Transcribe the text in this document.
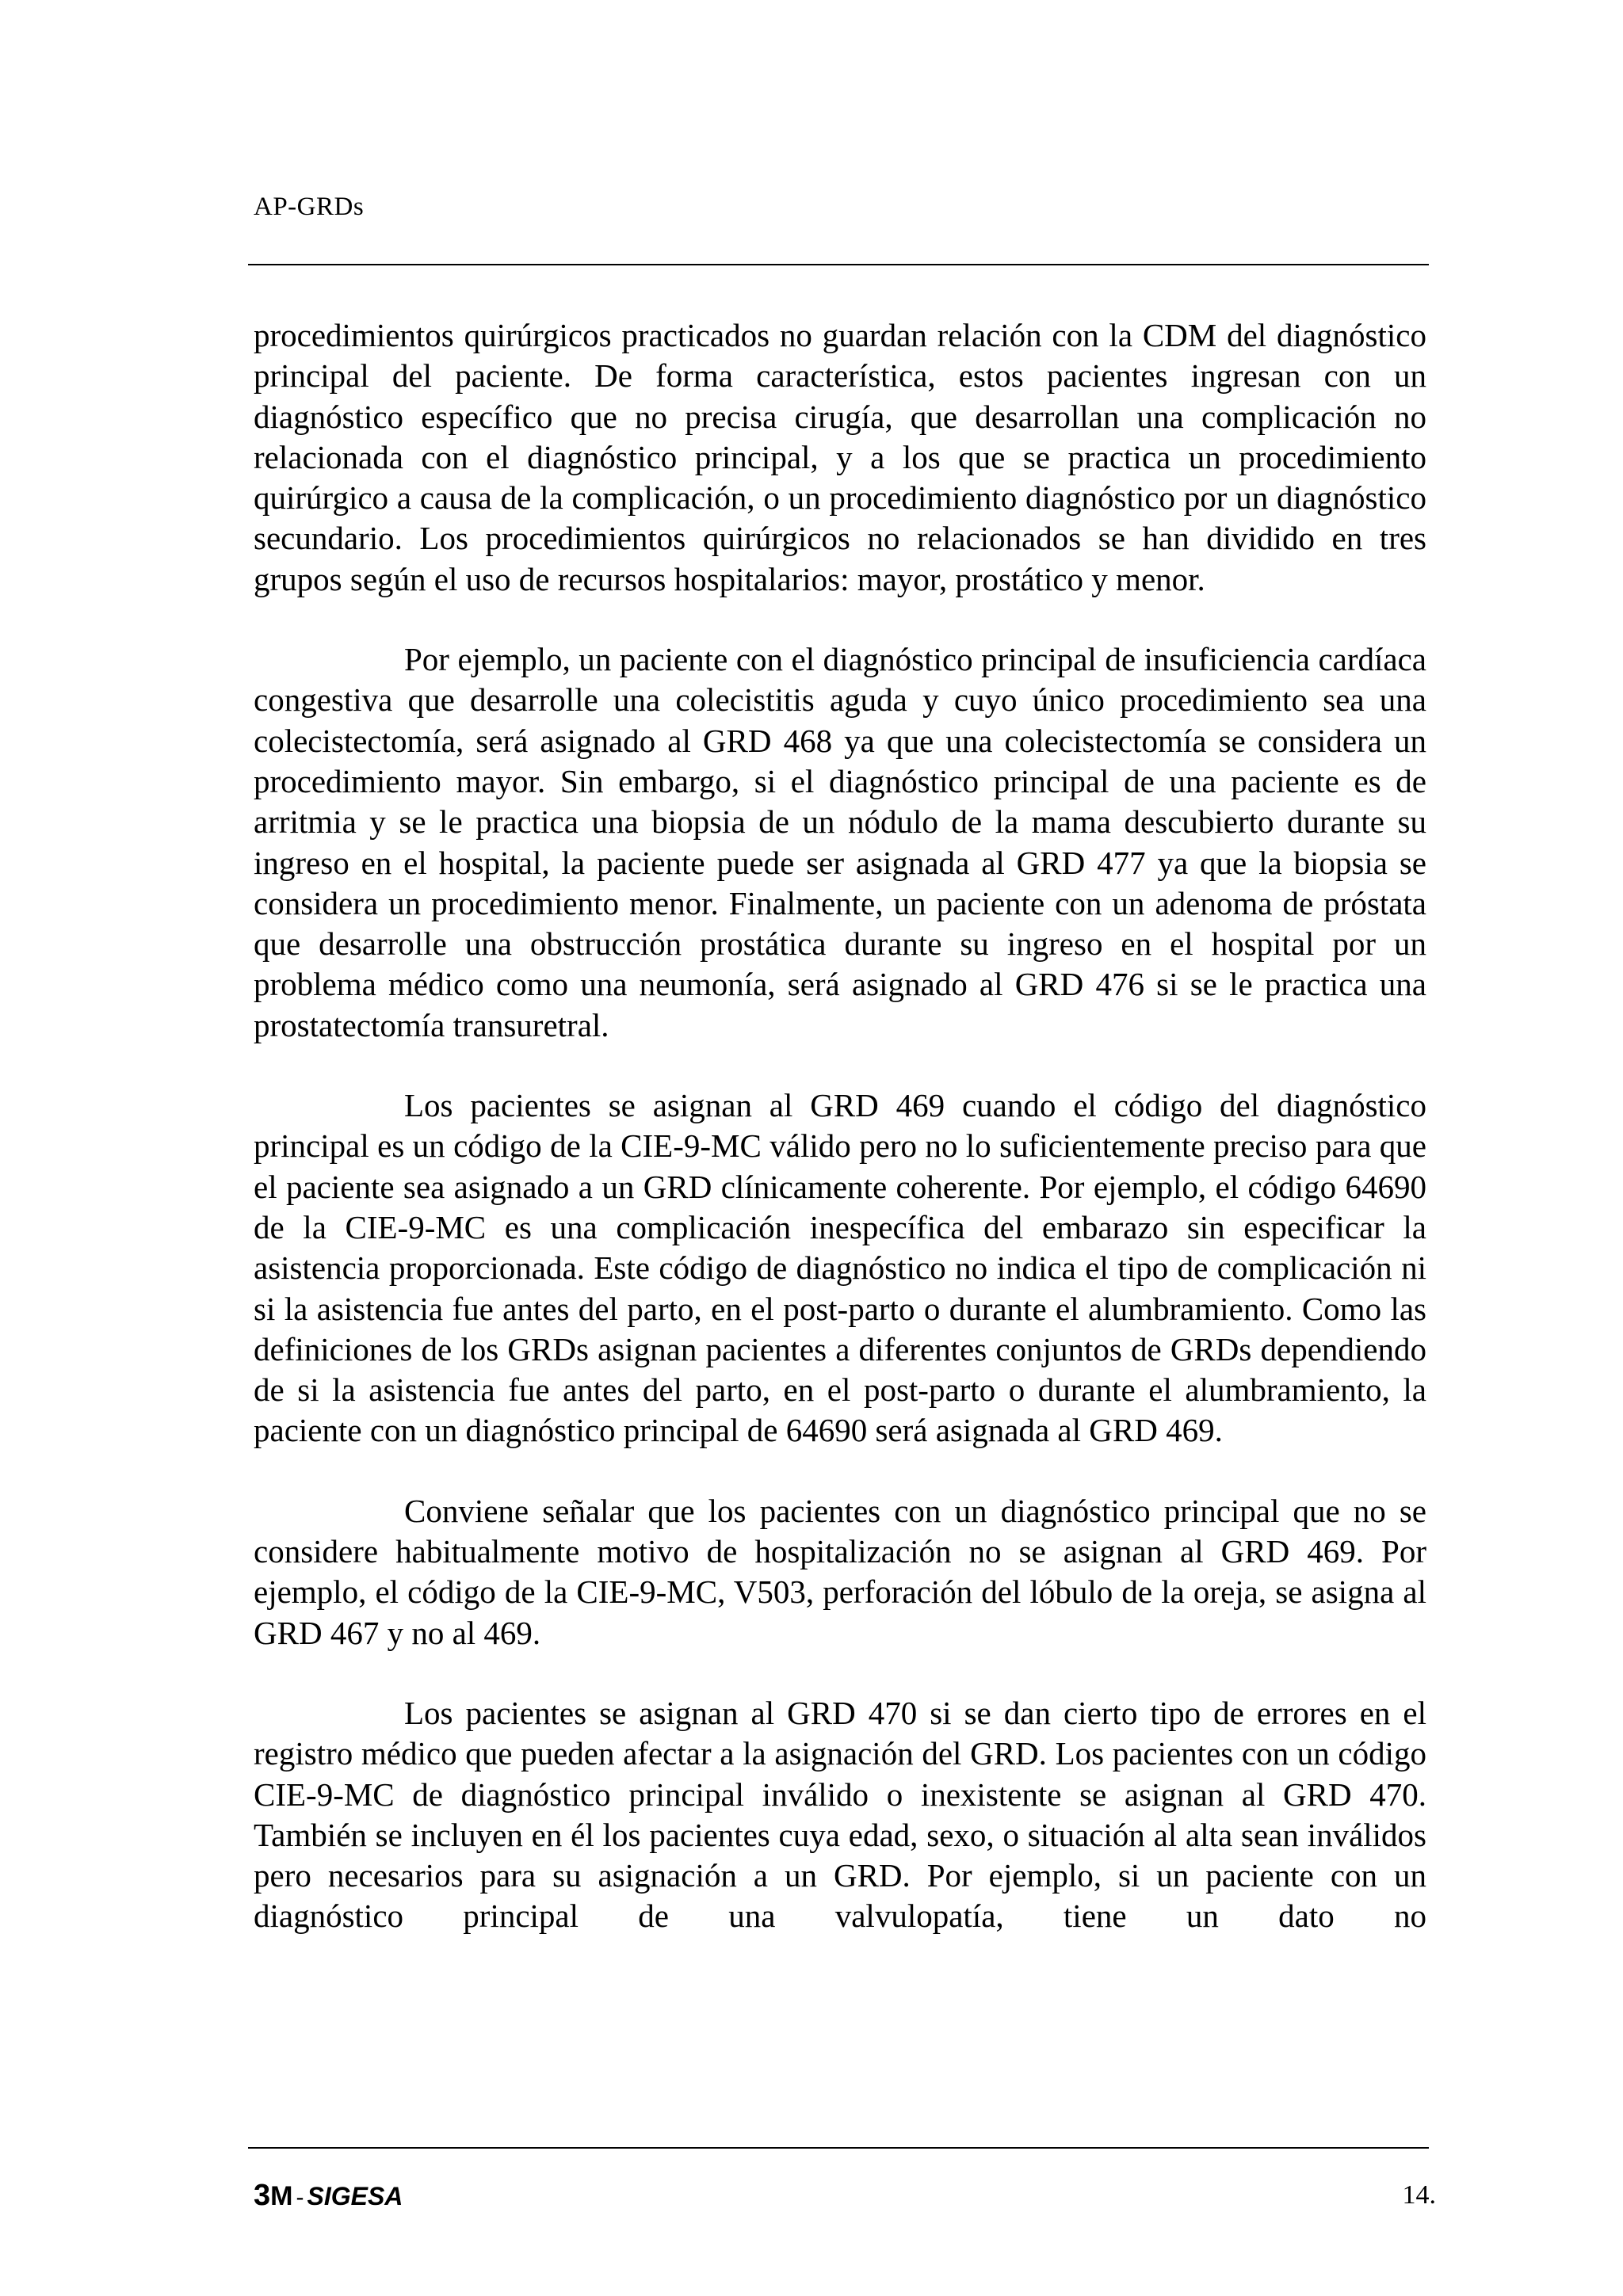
AP-GRDs

procedimientos quirúrgicos practicados no guardan relación con la CDM del diagnóstico principal del paciente. De forma característica, estos pacientes ingresan con un diagnóstico específico que no precisa cirugía, que desarrollan una complicación no relacionada con el diagnóstico principal, y a los que se practica un procedimiento quirúrgico a causa de la complicación, o un procedimiento diagnóstico por un diagnóstico secundario. Los procedimientos quirúrgicos no relacionados se han dividido en tres grupos según el uso de recursos hospitalarios: mayor, prostático y menor.

Por ejemplo, un paciente con el diagnóstico principal de insuficiencia cardíaca congestiva que desarrolle una colecistitis aguda y cuyo único procedimiento sea una colecistectomía, será asignado al GRD 468 ya que una colecistectomía se considera un procedimiento mayor. Sin embargo, si el diagnóstico principal de una paciente es de arritmia y se le practica una biopsia de un nódulo de la mama descubierto durante su ingreso en el hospital, la paciente puede ser asignada al GRD 477 ya que la biopsia se considera un procedimiento menor. Finalmente, un paciente con un adenoma de próstata que desarrolle una obstrucción prostática durante su ingreso en el hospital por un problema médico como una neumonía, será asignado al GRD 476 si se le practica una prostatectomía transuretral.

Los pacientes se asignan al GRD 469 cuando el código del diagnóstico principal es un código de la CIE-9-MC válido pero no lo suficientemente preciso para que el paciente sea asignado a un GRD clínicamente coherente. Por ejemplo, el código 64690 de la CIE-9-MC es una complicación inespecífica del embarazo sin especificar la asistencia proporcionada. Este código de diagnóstico no indica el tipo de complicación ni si la asistencia fue antes del parto, en el post-parto o durante el alumbramiento. Como las definiciones de los GRDs asignan pacientes a diferentes conjuntos de GRDs dependiendo de si la asistencia fue antes del parto, en el post-parto o durante el alumbramiento, la paciente con un diagnóstico principal de 64690 será asignada al GRD 469.

Conviene señalar que los pacientes con un diagnóstico principal que no se considere habitualmente motivo de hospitalización no se asignan al GRD 469. Por ejemplo, el código de la CIE-9-MC, V503, perforación del lóbulo de la oreja, se asigna al GRD 467 y no al 469.

Los pacientes se asignan al GRD 470 si se dan cierto tipo de errores en el registro médico que pueden afectar a la asignación del GRD. Los pacientes con un código CIE-9-MC de diagnóstico principal inválido o inexistente se asignan al GRD 470. También se incluyen en él los pacientes cuya edad, sexo, o situación al alta sean inválidos pero necesarios para su asignación a un GRD. Por ejemplo, si un paciente con un diagnóstico principal de una valvulopatía, tiene un dato no

3M - SIGESA	14.
